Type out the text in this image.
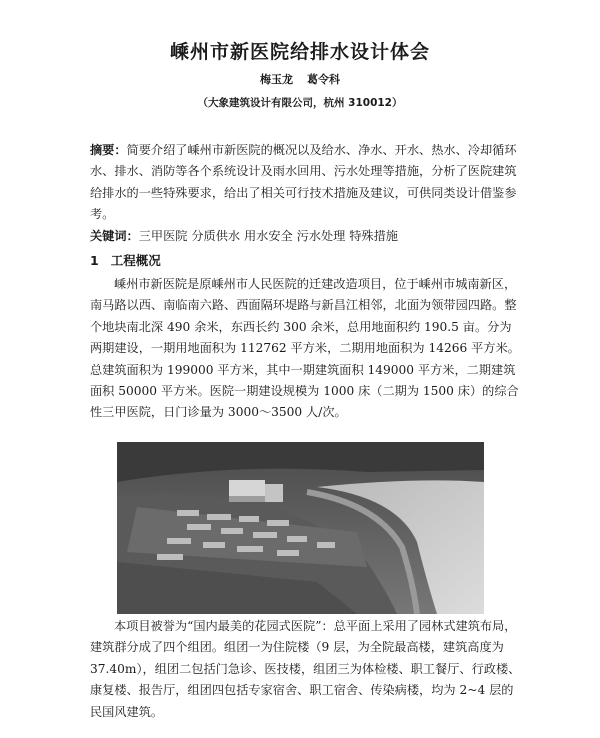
嵊州市新医院给排水设计体会
梅玉龙 葛令科
（大象建筑设计有限公司，杭州 310012）
摘要：简要介绍了嵊州市新医院的概况以及给水、净水、开水、热水、冷却循环水、排水、消防等各个系统设计及雨水回用、污水处理等措施，分析了医院建筑给排水的一些特殊要求，给出了相关可行技术措施及建议，可供同类设计借鉴参考。
关键词：三甲医院 分质供水 用水安全 污水处理 特殊措施
1 工程概况
嵊州市新医院是原嵊州市人民医院的迁建改造项目，位于嵊州市城南新区，南马路以西、南临南六路、西面隔环堤路与新昌江相邻，北面为领带园四路。整个地块南北深 490 余米，东西长约 300 余米，总用地面积约 190.5 亩。分为两期建设，一期用地面积为 112762 平方米，二期用地面积为 14266 平方米。总建筑面积为 199000 平方米，其中一期建筑面积 149000 平方米，二期建筑面积 50000 平方米。医院一期建设规模为 1000 床（二期为 1500 床）的综合性三甲医院，日门诊量为 3000～3500 人/次。
本项目被誉为“国内最美的花园式医院”：总平面上采用了园林式建筑布局，建筑群分成了四个组团。组团一为住院楼（9 层，为全院最高楼，建筑高度为 37.40m），组团二包括门急诊、医技楼，组团三为体检楼、职工餐厅、行政楼、康复楼、报告厅，组团四包括专家宿舍、职工宿舍、传染病楼，均为 2~4 层的民国风建筑。
